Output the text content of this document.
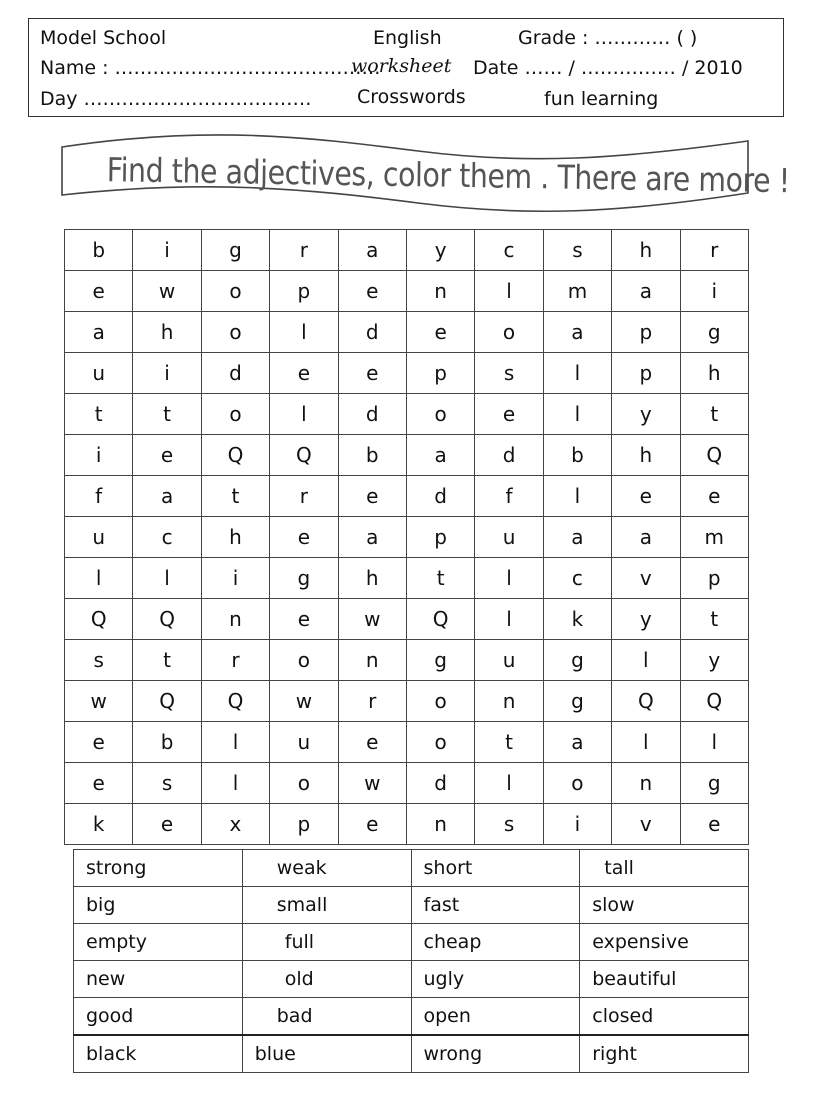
Model School	English	Grade : ………… ( )
Name : ……………………………………
worksheet Date …… / …………… / 2010
Day ……………………………… Crosswords	fun learning
Find the adjectives, color them . There are more !
b	i	g	r	a	y	c	s	h	r
e	w	o	p	e	n	l	m	a	i
a	h	o	l	d	e	o	a	p	g
u	i	d	e	e	p	s	l	p	h
t	t	o	l	d	o	e	l	y	t
i	e	Q	Q	b	a	d	b	h	Q
f	a	t	r	e	d	f	l	e	e
u	c	h	e	a	p	u	a	a	m
l	l	i	g	h	t	l	c	v	p
Q	Q	n	e	w	Q	l	k	y	t
s	t	r	o	n	g	u	g	l	y
w	Q	Q	w	r	o	n	g	Q	Q
e	b	l	u	e	o	t	a	l	l
e	s	l	o	w	d	l	o	n	g
k	e	x	p	e	n	s	i	v	e
strong	weak	short	tall
big	small	fast	slow
empty	full	cheap	expensive
new	old	ugly	beautiful
good	bad	open	closed
black	blue	wrong	right
